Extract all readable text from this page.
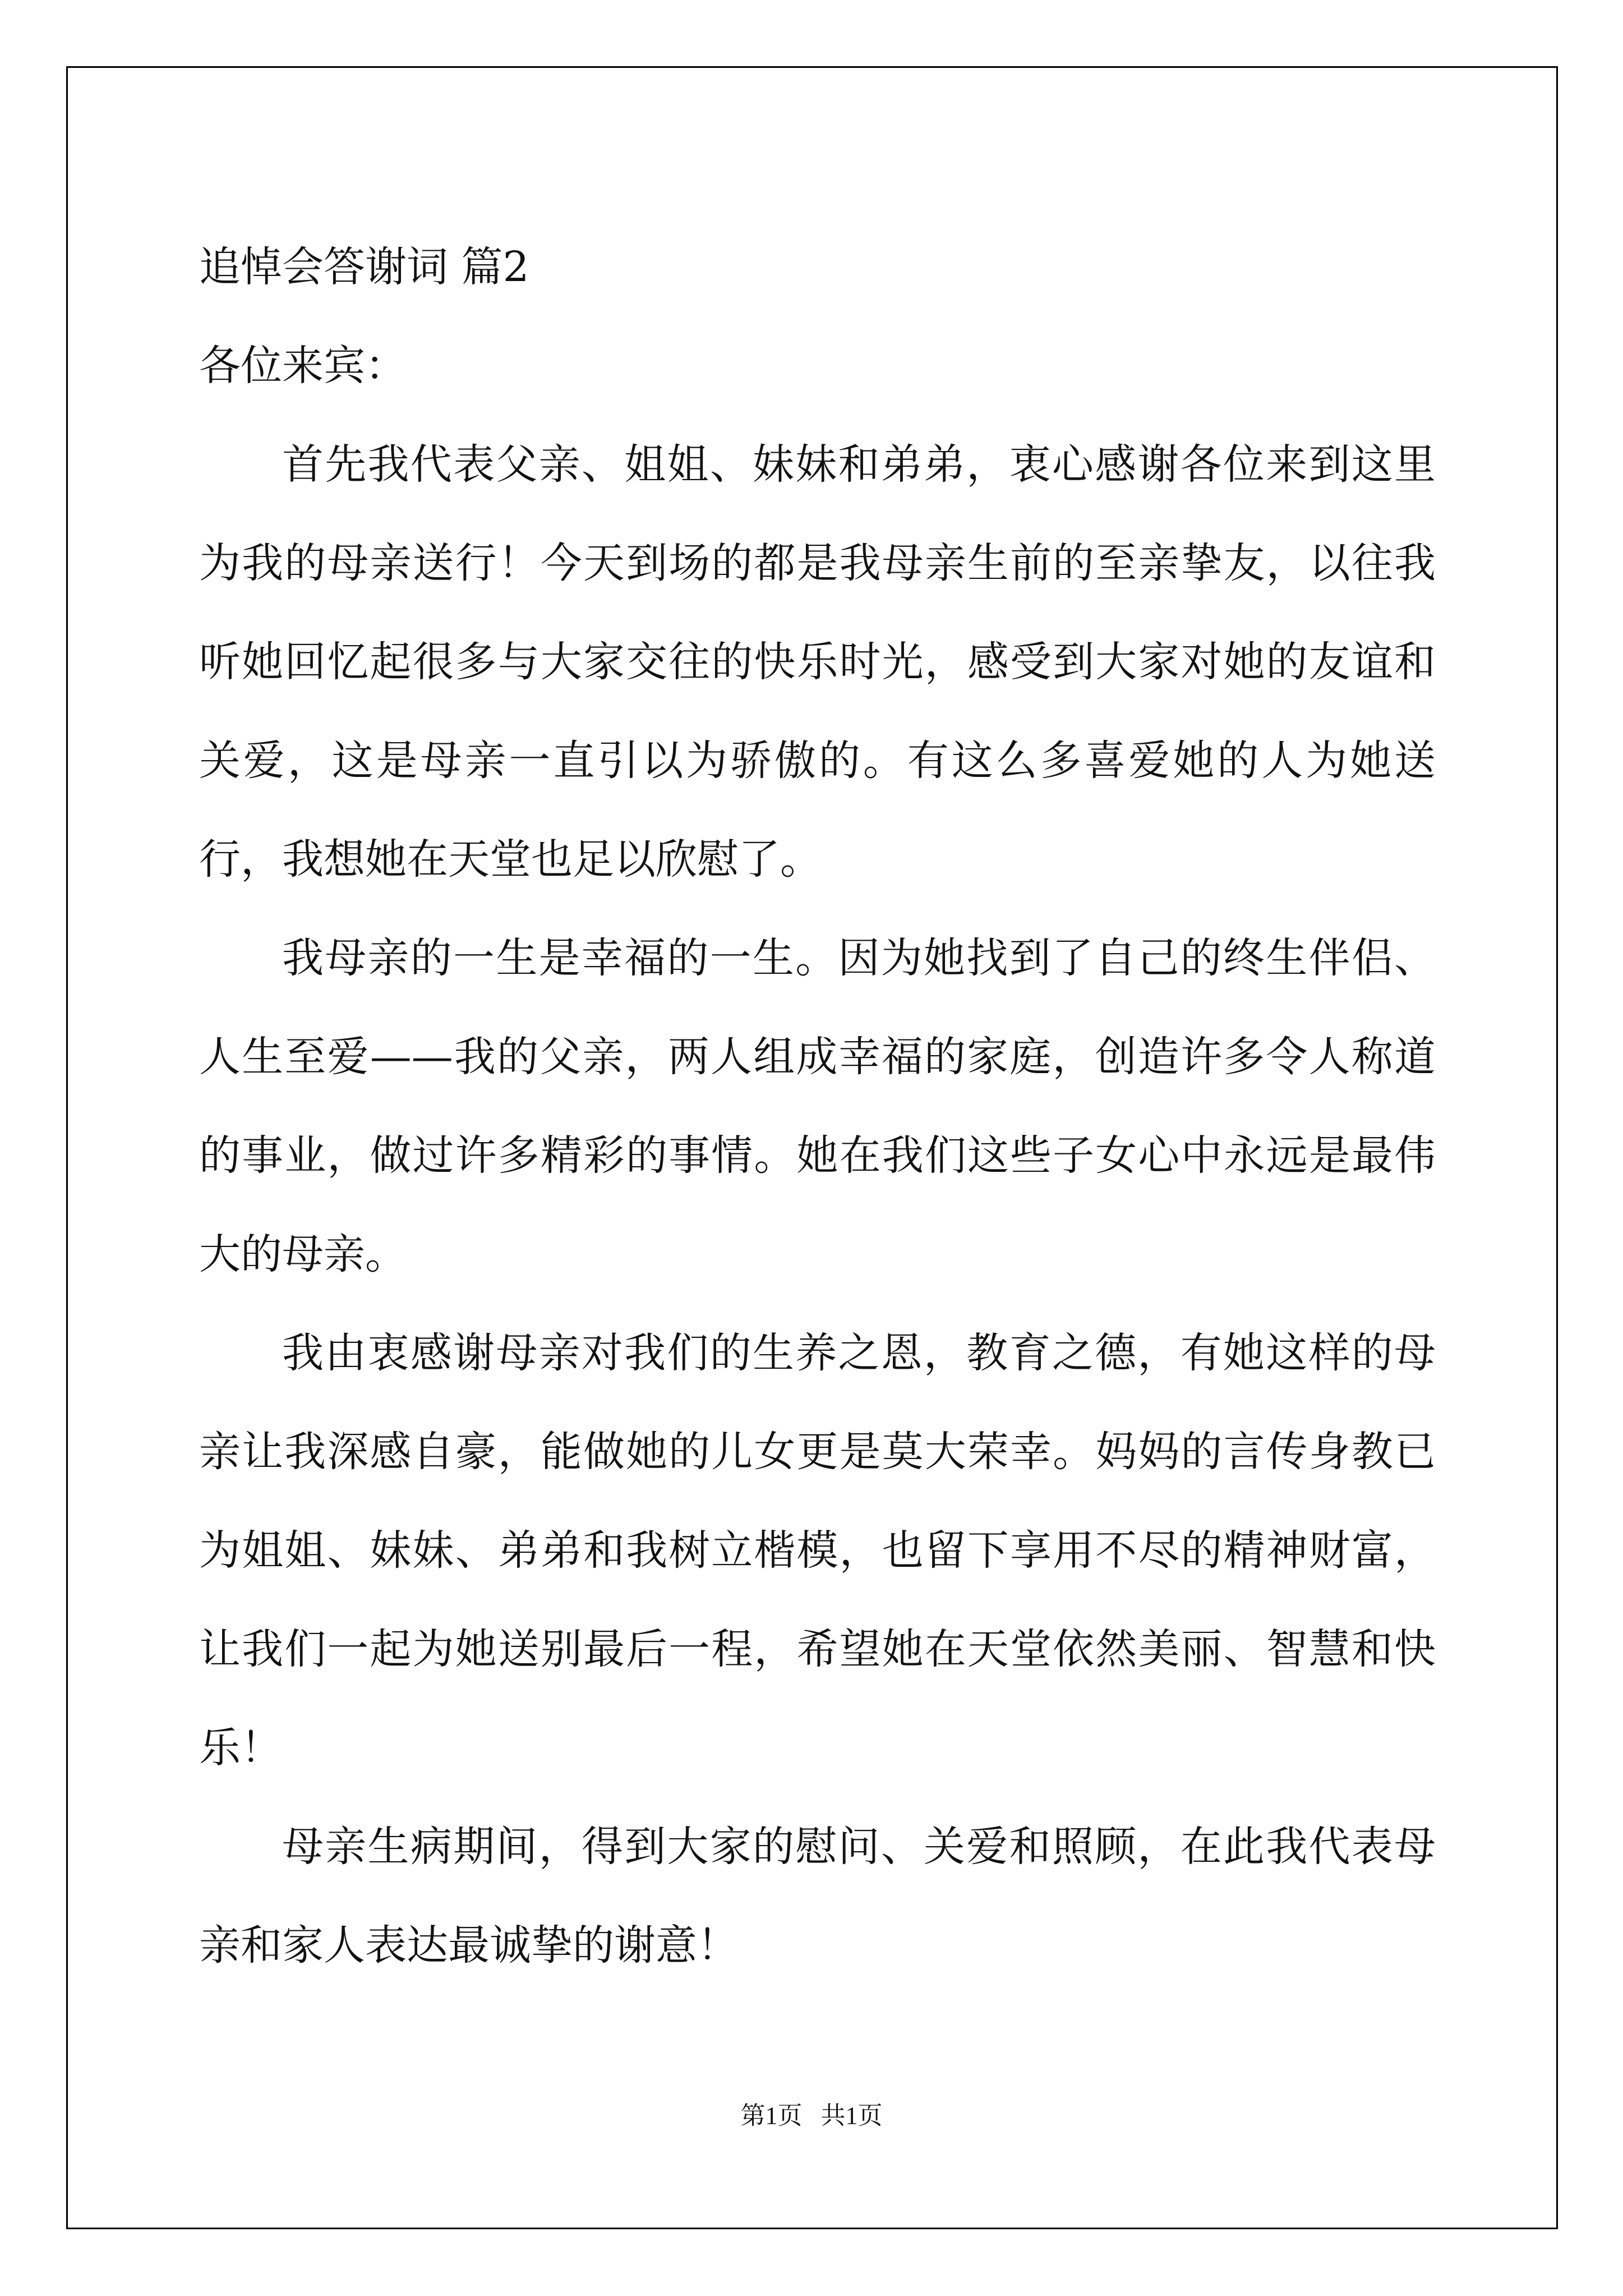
追悼会答谢词 篇2

各位来宾：

首先我代表父亲、姐姐、妹妹和弟弟，衷心感谢各位来到这里为我的母亲送行！今天到场的都是我母亲生前的至亲挚友，以往我听她回忆起很多与大家交往的快乐时光，感受到大家对她的友谊和关爱，这是母亲一直引以为骄傲的。有这么多喜爱她的人为她送行，我想她在天堂也足以欣慰了。

我母亲的一生是幸福的一生。因为她找到了自己的终生伴侣、人生至爱——我的父亲，两人组成幸福的家庭，创造许多令人称道的事业，做过许多精彩的事情。她在我们这些子女心中永远是最伟大的母亲。

我由衷感谢母亲对我们的生养之恩，教育之德，有她这样的母亲让我深感自豪，能做她的儿女更是莫大荣幸。妈妈的言传身教已为姐姐、妹妹、弟弟和我树立楷模，也留下享用不尽的精神财富，让我们一起为她送别最后一程，希望她在天堂依然美丽、智慧和快乐！

母亲生病期间，得到大家的慰问、关爱和照顾，在此我代表母亲和家人表达最诚挚的谢意！

第1页   共1页
